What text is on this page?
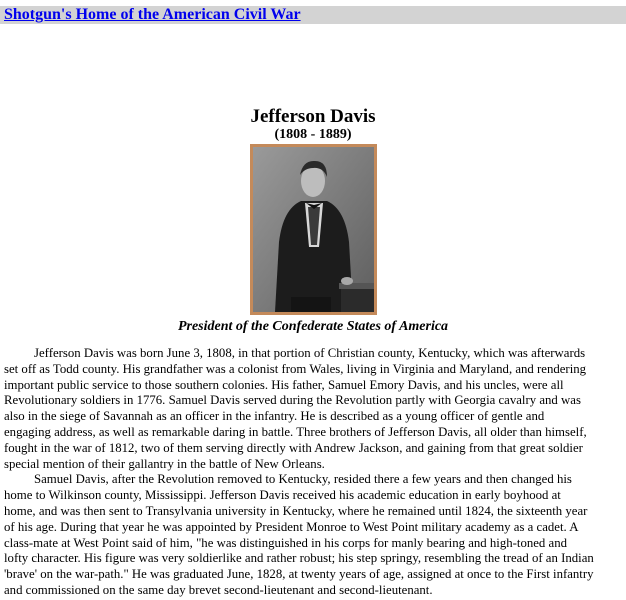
Shotgun's Home of the American Civil War
Jefferson Davis
(1808 - 1889)
President of the Confederate States of America

Jefferson Davis was born June 3, 1808, in that portion of Christian county, Kentucky, which was afterwards set off as Todd county. His grandfather was a colonist from Wales, living in Virginia and Maryland, and rendering important public service to those southern colonies. His father, Samuel Emory Davis, and his uncles, were all Revolutionary soldiers in 1776. Samuel Davis served during the Revolution partly with Georgia cavalry and was also in the siege of Savannah as an officer in the infantry. He is described as a young officer of gentle and engaging address, as well as remarkable daring in battle. Three brothers of Jefferson Davis, all older than himself, fought in the war of 1812, two of them serving directly with Andrew Jackson, and gaining from that great soldier special mention of their gallantry in the battle of New Orleans.

Samuel Davis, after the Revolution removed to Kentucky, resided there a few years and then changed his home to Wilkinson county, Mississippi. Jefferson Davis received his academic education in early boyhood at home, and was then sent to Transylvania university in Kentucky, where he remained until 1824, the sixteenth year of his age. During that year he was appointed by President Monroe to West Point military academy as a cadet. A class-mate at West Point said of him, "he was distinguished in his corps for manly bearing and high-toned and lofty character. His figure was very soldierlike and rather robust; his step springy, resembling the tread of an Indian 'brave' on the war-path." He was graduated June, 1828, at twenty years of age, assigned at once to the First infantry and commissioned on the same day brevet second-lieutenant and second-lieutenant.
